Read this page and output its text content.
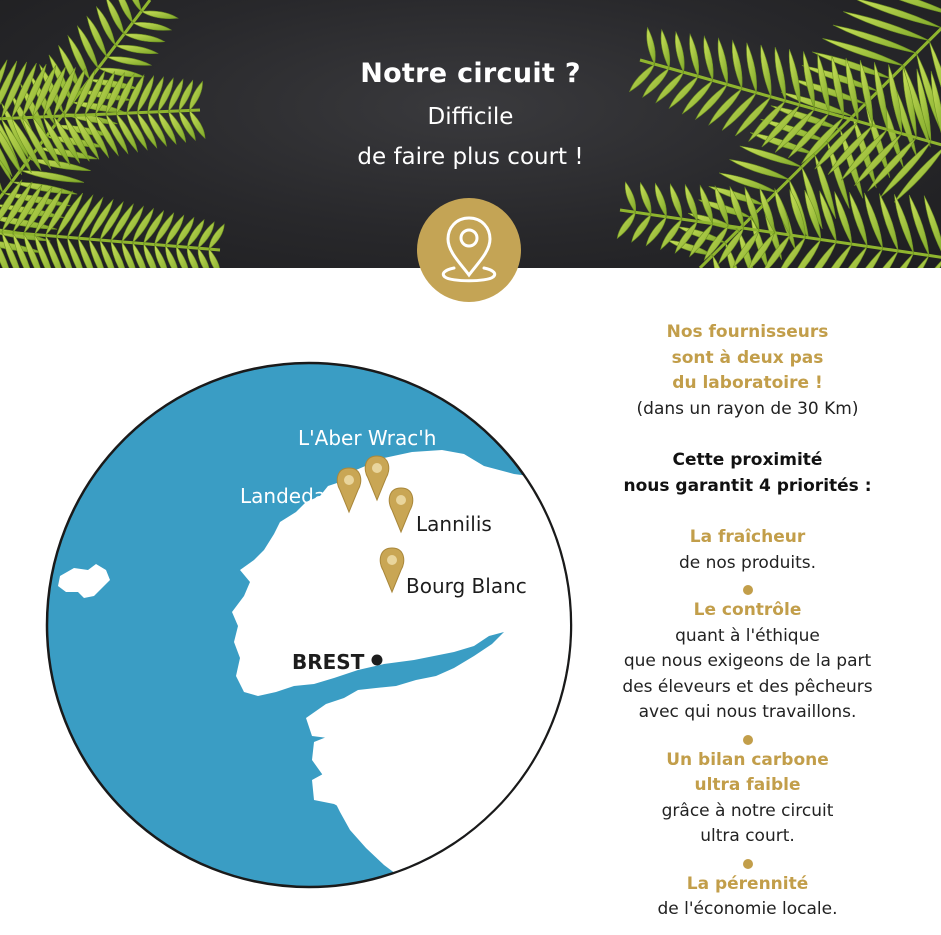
Notre circuit ?
Difficile
de faire plus court !
L'Aber Wrac'h
Landeda
Lannilis
Bourg Blanc
BREST
Nos fournisseurs
sont à deux pas
du laboratoire !
(dans un rayon de 30 Km)
Cette proximité
nous garantit 4 priorités :
La fraîcheur
de nos produits.
Le contrôle
quant à l'éthique
que nous exigeons de la part
des éleveurs et des pêcheurs
avec qui nous travaillons.
Un bilan carbone
ultra faible
grâce à notre circuit
ultra court.
La pérennité
de l'économie locale.
